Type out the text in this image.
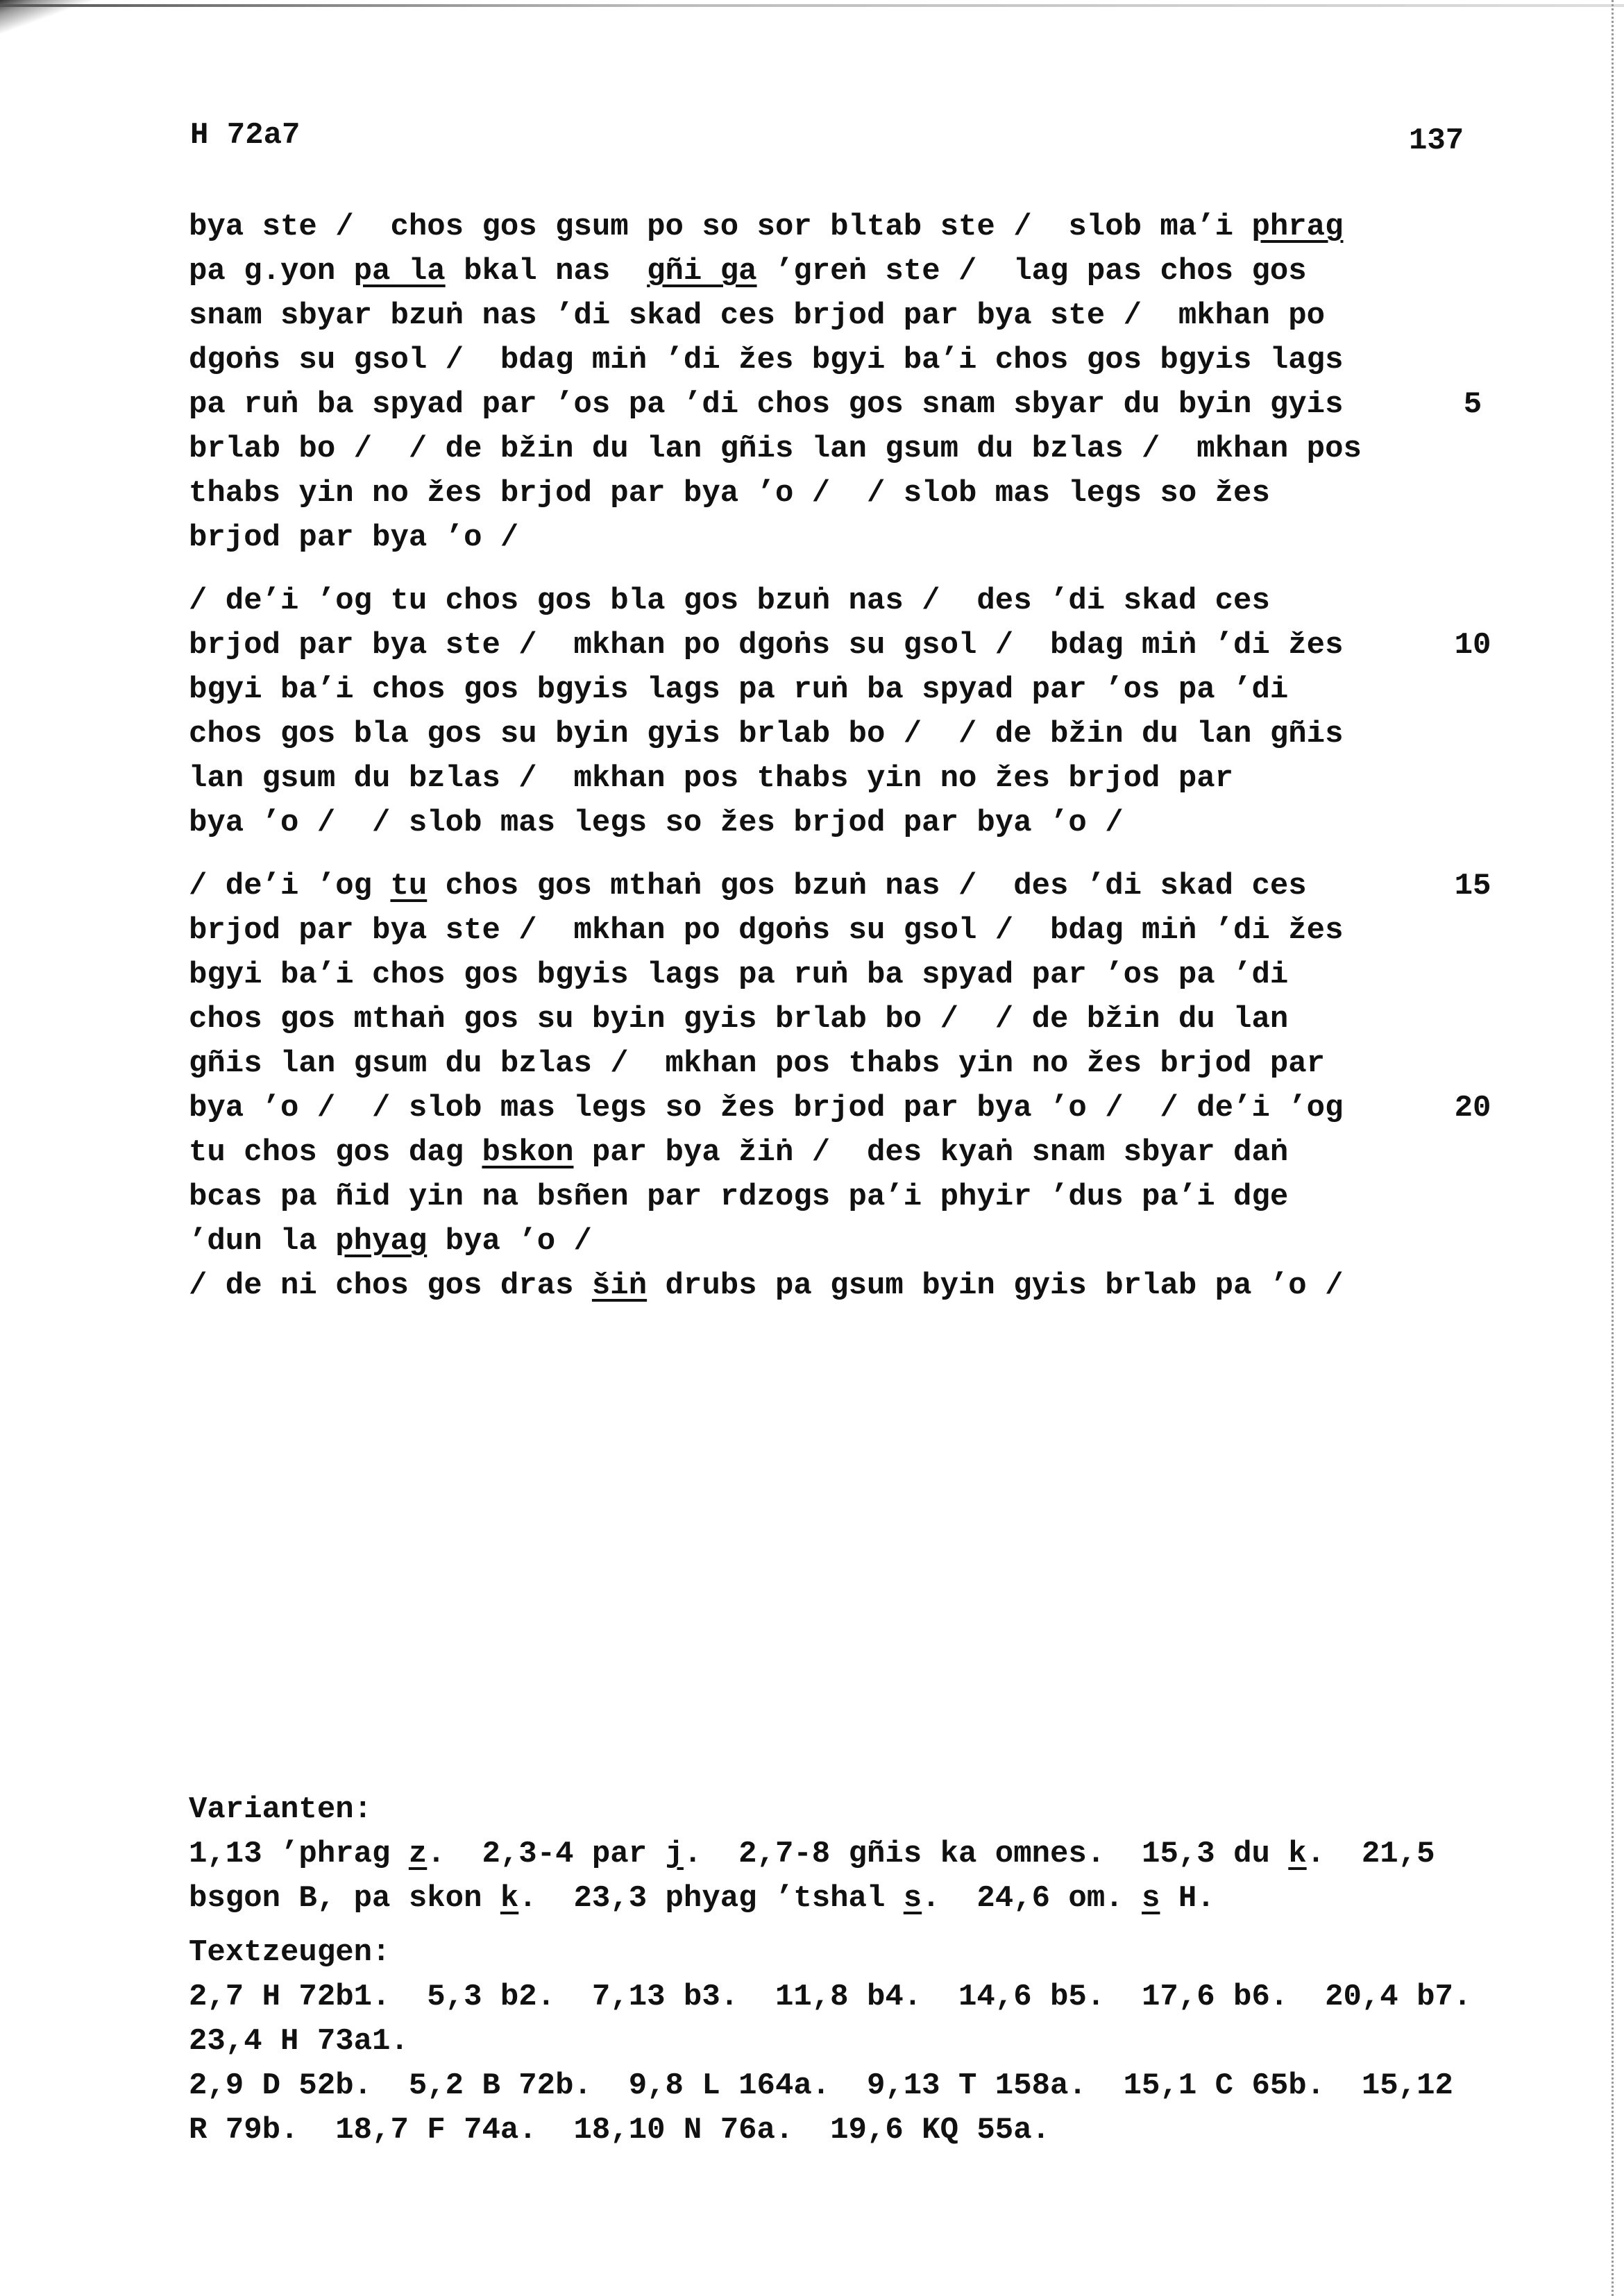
H 72a7	137
bya ste /  chos gos gsum po so sor bltab ste /  slob ma’i phrag
pa g.yon pa la bkal nas  gñi ga ’greṅ ste /  lag pas chos gos
snam sbyar bzuṅ nas ’di skad ces brjod par bya ste /  mkhan po
dgoṅs su gsol /  bdag miṅ ’di žes bgyi ba’i chos gos bgyis lags
pa ruṅ ba spyad par ’os pa ’di chos gos snam sbyar du byin gyis	5
brlab bo /  / de bžin du lan gñis lan gsum du bzlas /  mkhan pos
thabs yin no žes brjod par bya ’o /  / slob mas legs so žes
brjod par bya ’o /
/ de’i ’og tu chos gos bla gos bzuṅ nas /  des ’di skad ces
brjod par bya ste /  mkhan po dgoṅs su gsol /  bdag miṅ ’di žes	10
bgyi ba’i chos gos bgyis lags pa ruṅ ba spyad par ’os pa ’di
chos gos bla gos su byin gyis brlab bo /  / de bžin du lan gñis
lan gsum du bzlas /  mkhan pos thabs yin no žes brjod par
bya ’o /  / slob mas legs so žes brjod par bya ’o /
/ de’i ’og tu chos gos mthaṅ gos bzuṅ nas /  des ’di skad ces	15
brjod par bya ste /  mkhan po dgoṅs su gsol /  bdag miṅ ’di žes
bgyi ba’i chos gos bgyis lags pa ruṅ ba spyad par ’os pa ’di
chos gos mthaṅ gos su byin gyis brlab bo /  / de bžin du lan
gñis lan gsum du bzlas /  mkhan pos thabs yin no žes brjod par
bya ’o /  / slob mas legs so žes brjod par bya ’o /  / de’i ’og	20
tu chos gos dag bskon par bya žiṅ /  des kyaṅ snam sbyar daṅ
bcas pa ñid yin na bsñen par rdzogs pa’i phyir ’dus pa’i dge
’dun la phyag bya ’o /
/ de ni chos gos dras šiṅ drubs pa gsum byin gyis brlab pa ’o /
Varianten:
1,13 ’phrag z.  2,3-4 par j.  2,7-8 gñis ka omnes.  15,3 du k.  21,5
bsgon B, pa skon k.  23,3 phyag ’tshal s.  24,6 om. s H.
Textzeugen:
2,7 H 72b1.  5,3 b2.  7,13 b3.  11,8 b4.  14,6 b5.  17,6 b6.  20,4 b7.
23,4 H 73a1.
2,9 D 52b.  5,2 B 72b.  9,8 L 164a.  9,13 T 158a.  15,1 C 65b.  15,12
R 79b.  18,7 F 74a.  18,10 N 76a.  19,6 KQ 55a.
